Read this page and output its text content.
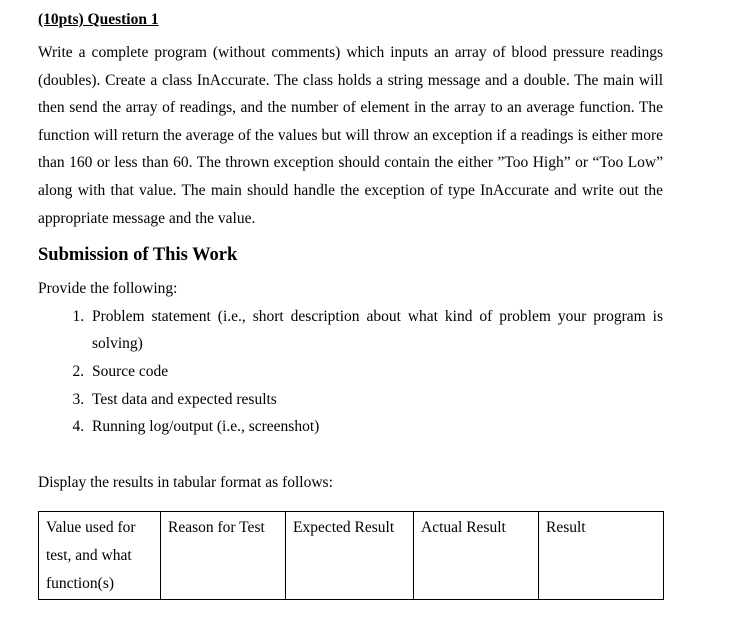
(10pts) Question 1

Write a complete program (without comments) which inputs an array of blood pressure readings (doubles). Create a class InAccurate. The class holds a string message and a double. The main will then send the array of readings, and the number of element in the array to an average function. The function will return the average of the values but will throw an exception if a readings is either more than 160 or less than 60. The thrown exception should contain the either ”Too High” or “Too Low” along with that value. The main should handle the exception of type InAccurate and write out the appropriate message and the value.

Submission of This Work

Provide the following:

1. Problem statement (i.e., short description about what kind of problem your program is solving)
2. Source code
3. Test data and expected results
4. Running log/output (i.e., screenshot)

Display the results in tabular format as follows:

Value used for test, and what function(s)	Reason for Test	Expected Result	Actual Result	Result
